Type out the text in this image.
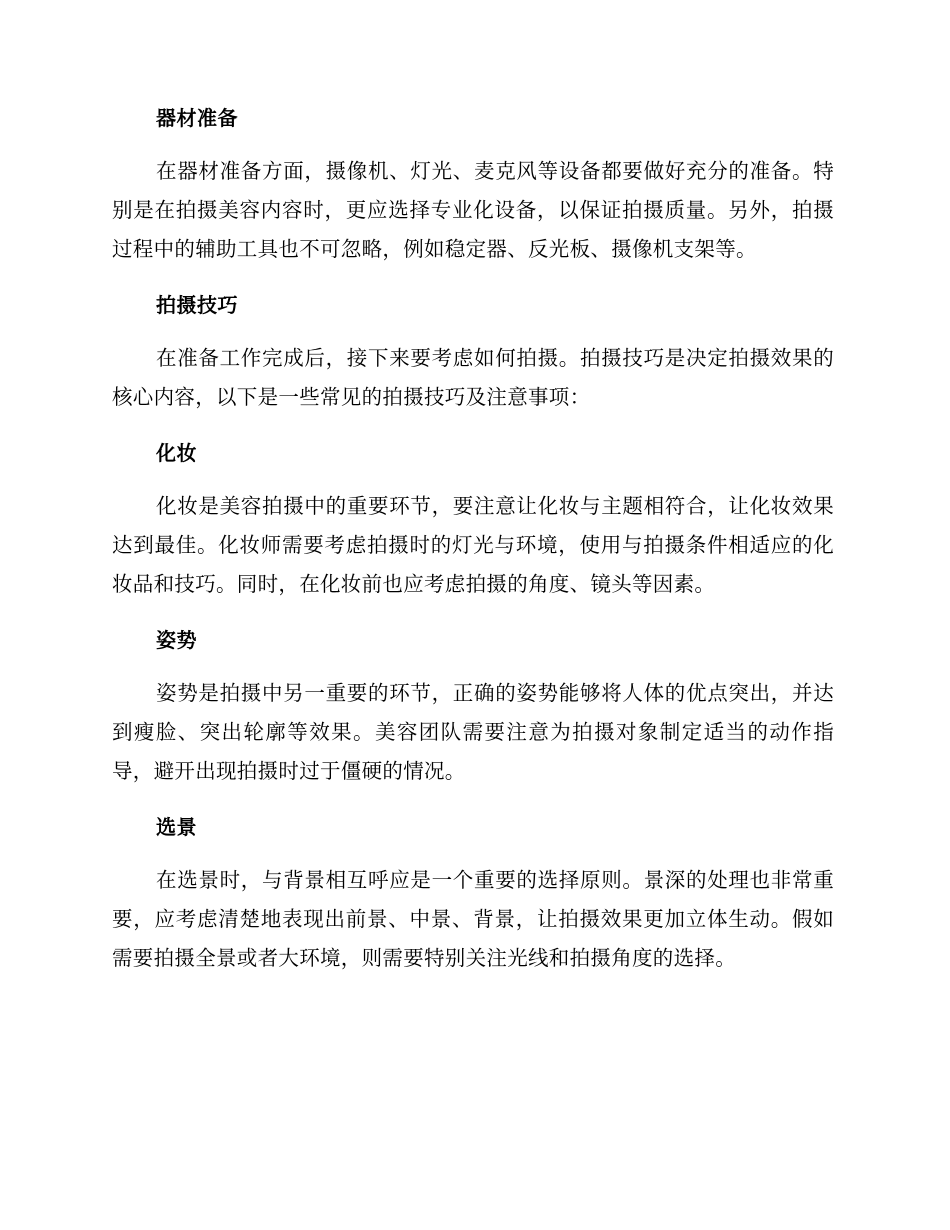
器材准备

在器材准备方面，摄像机、灯光、麦克风等设备都要做好充分的准备。特别是在拍摄美容内容时，更应选择专业化设备，以保证拍摄质量。另外，拍摄过程中的辅助工具也不可忽略，例如稳定器、反光板、摄像机支架等。

拍摄技巧

在准备工作完成后，接下来要考虑如何拍摄。拍摄技巧是决定拍摄效果的核心内容，以下是一些常见的拍摄技巧及注意事项：

化妆

化妆是美容拍摄中的重要环节，要注意让化妆与主题相符合，让化妆效果达到最佳。化妆师需要考虑拍摄时的灯光与环境，使用与拍摄条件相适应的化妆品和技巧。同时，在化妆前也应考虑拍摄的角度、镜头等因素。

姿势

姿势是拍摄中另一重要的环节，正确的姿势能够将人体的优点突出，并达到瘦脸、突出轮廓等效果。美容团队需要注意为拍摄对象制定适当的动作指导，避开出现拍摄时过于僵硬的情况。

选景

在选景时，与背景相互呼应是一个重要的选择原则。景深的处理也非常重要，应考虑清楚地表现出前景、中景、背景，让拍摄效果更加立体生动。假如需要拍摄全景或者大环境，则需要特别关注光线和拍摄角度的选择。
